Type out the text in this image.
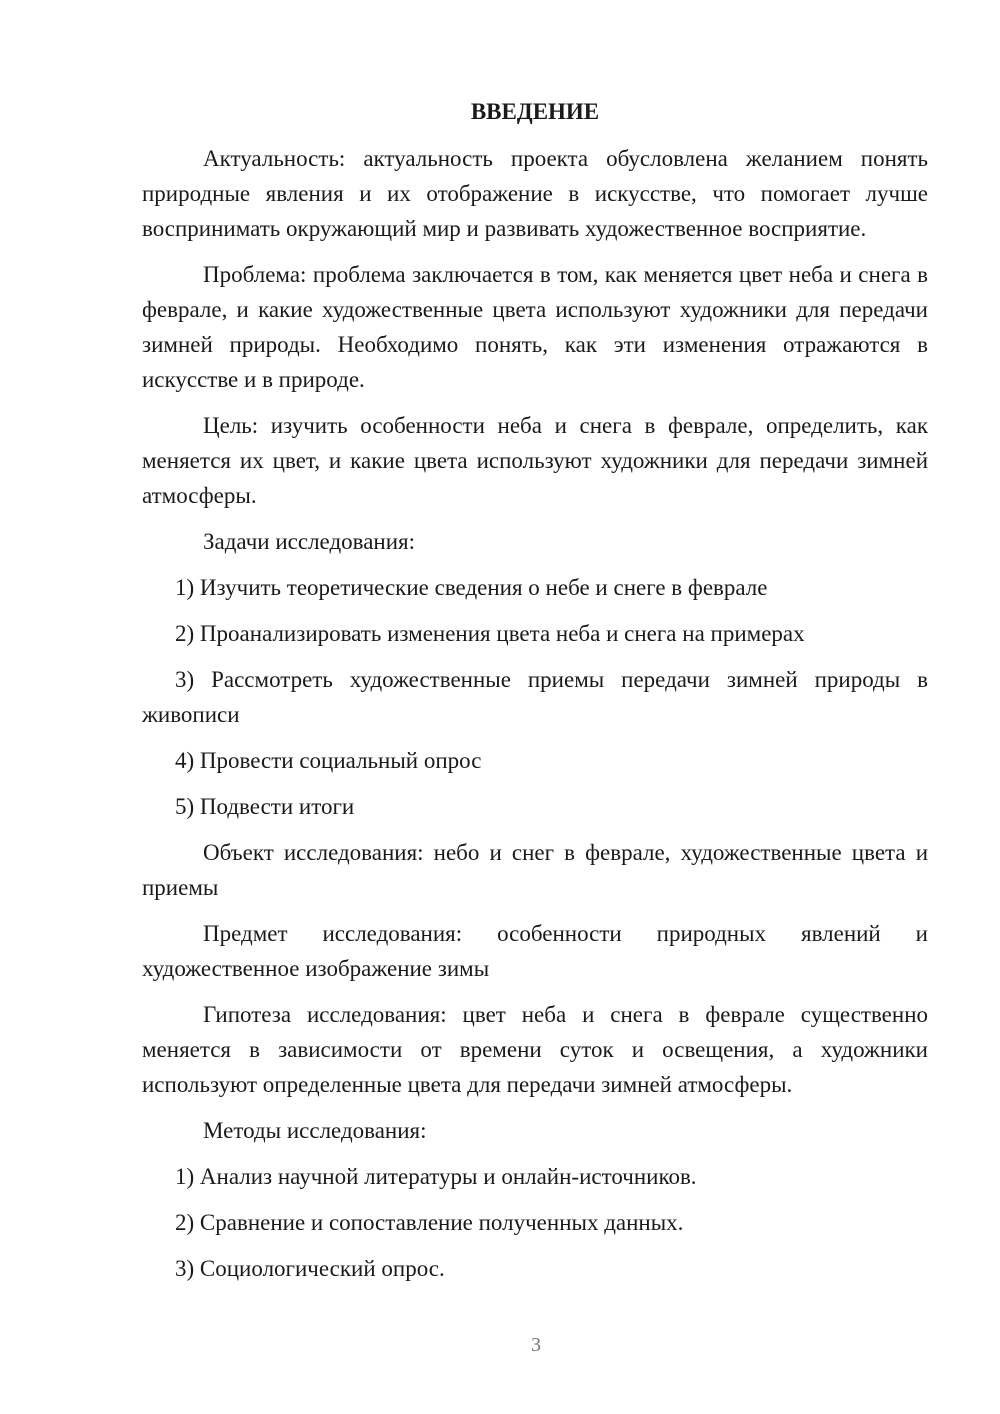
ВВЕДЕНИЕ

Актуальность: актуальность проекта обусловлена желанием понять природные явления и их отображение в искусстве, что помогает лучше воспринимать окружающий мир и развивать художественное восприятие.

Проблема: проблема заключается в том, как меняется цвет неба и снега в феврале, и какие художественные цвета используют художники для передачи зимней природы. Необходимо понять, как эти изменения отражаются в искусстве и в природе.

Цель: изучить особенности неба и снега в феврале, определить, как меняется их цвет, и какие цвета используют художники для передачи зимней атмосферы.

Задачи исследования:

1) Изучить теоретические сведения о небе и снеге в феврале

2) Проанализировать изменения цвета неба и снега на примерах

3) Рассмотреть художественные приемы передачи зимней природы в живописи

4) Провести социальный опрос

5) Подвести итоги

Объект исследования: небо и снег в феврале, художественные цвета и приемы

Предмет исследования: особенности природных явлений и художественное изображение зимы

Гипотеза исследования: цвет неба и снега в феврале существенно меняется в зависимости от времени суток и освещения, а художники используют определенные цвета для передачи зимней атмосферы.

Методы исследования:

1) Анализ научной литературы и онлайн-источников.

2) Сравнение и сопоставление полученных данных.

3) Социологический опрос.

3
